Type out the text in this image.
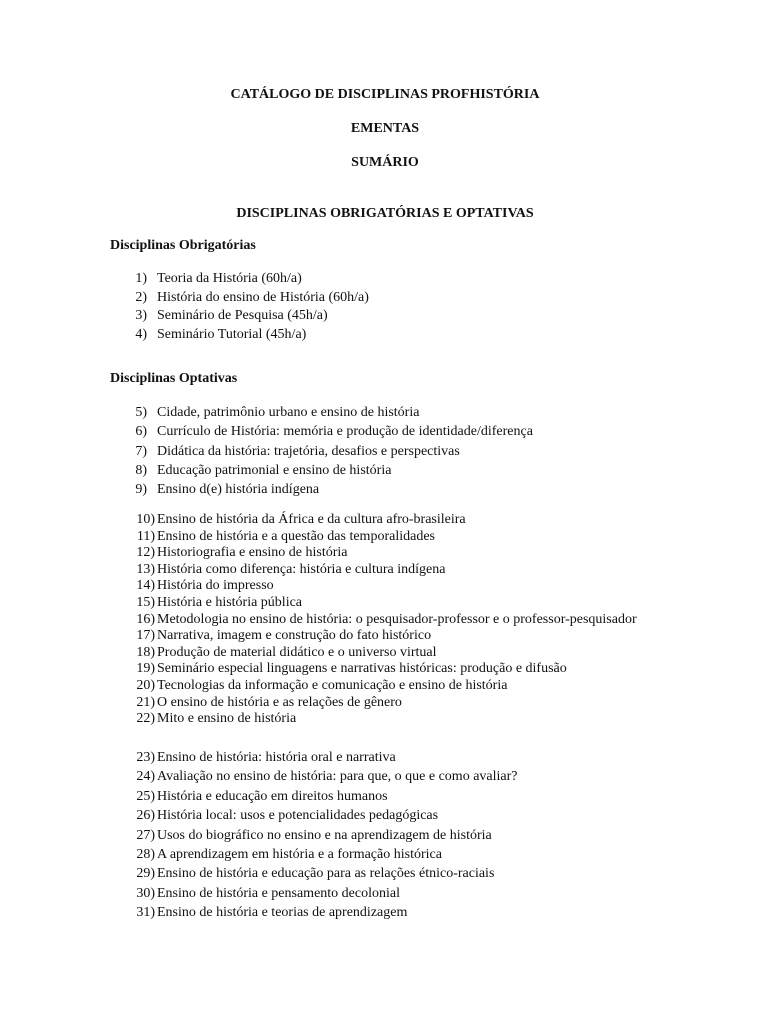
CATÁLOGO DE DISCIPLINAS PROFHISTÓRIA
EMENTAS
SUMÁRIO
DISCIPLINAS OBRIGATÓRIAS E OPTATIVAS
Disciplinas Obrigatórias
1) Teoria da História (60h/a)
2) História do ensino de História (60h/a)
3) Seminário de Pesquisa (45h/a)
4) Seminário Tutorial (45h/a)
Disciplinas Optativas
5) Cidade, patrimônio urbano e ensino de história
6) Currículo de História: memória e produção de identidade/diferença
7) Didática da história: trajetória, desafios e perspectivas
8) Educação patrimonial e ensino de história
9) Ensino d(e) história indígena
10) Ensino de história da África e da cultura afro-brasileira
11) Ensino de história e a questão das temporalidades
12) Historiografia e ensino de história
13) História como diferença: história e cultura indígena
14) História do impresso
15) História e história pública
16) Metodologia no ensino de história: o pesquisador-professor e o professor-pesquisador
17) Narrativa, imagem e construção do fato histórico
18) Produção de material didático e o universo virtual
19) Seminário especial linguagens e narrativas históricas: produção e difusão
20) Tecnologias da informação e comunicação e ensino de história
21) O ensino de história e as relações de gênero
22) Mito e ensino de história
23) Ensino de história: história oral e narrativa
24) Avaliação no ensino de história: para que, o que e como avaliar?
25) História e educação em direitos humanos
26) História local: usos e potencialidades pedagógicas
27) Usos do biográfico no ensino e na aprendizagem de história
28) A aprendizagem em história e a formação histórica
29) Ensino de história e educação para as relações étnico-raciais
30) Ensino de história e pensamento decolonial
31) Ensino de história e teorias de aprendizagem
